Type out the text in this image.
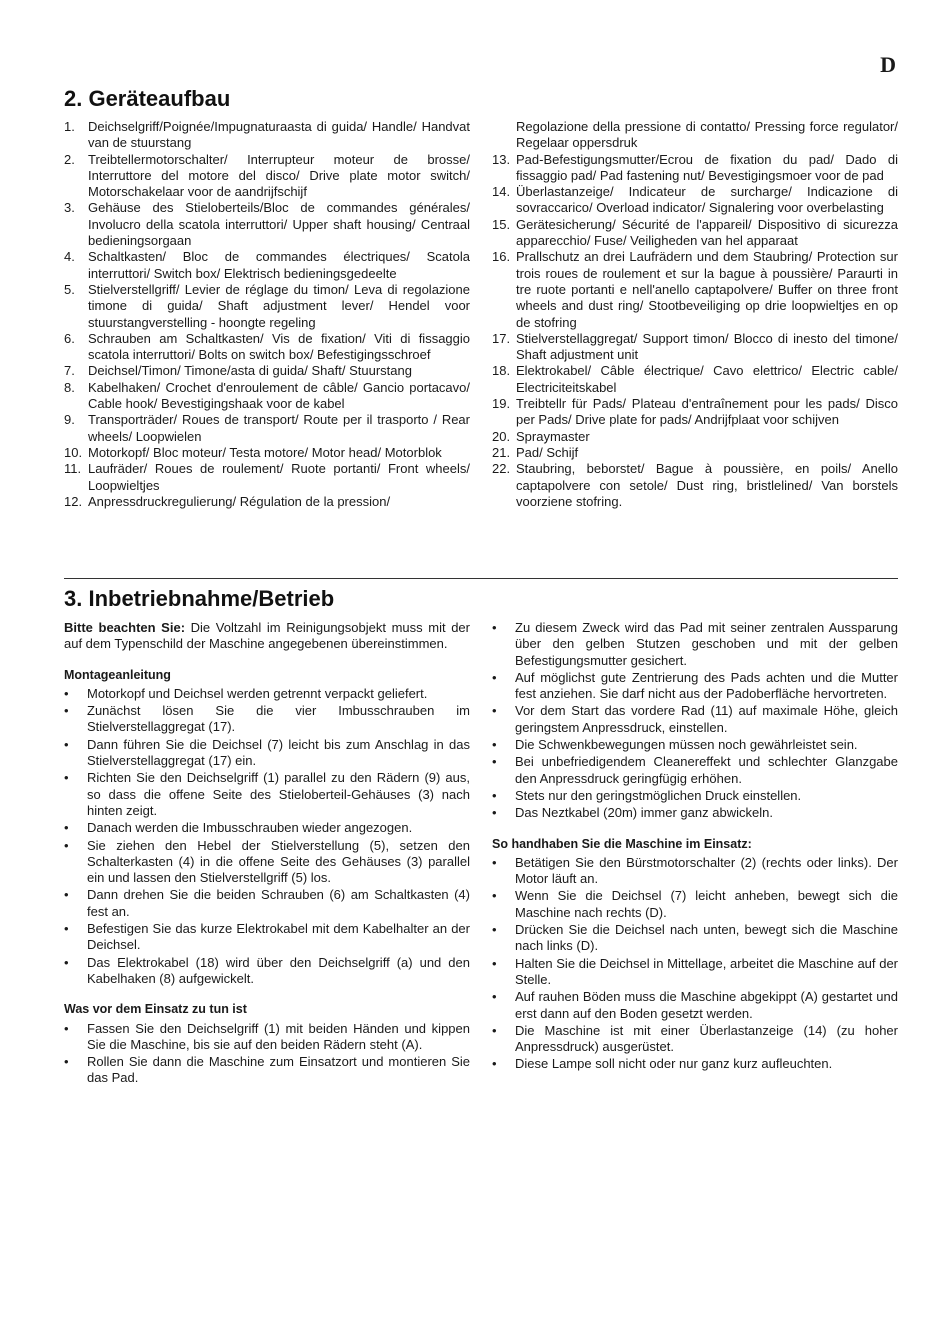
D
2. Geräteaufbau
1. Deichselgriff/Poignée/Impugnaturaasta di guida/ Handle/ Handvat van de stuurstang
2. Treibtellermotorschalter/ Interrupteur moteur de brosse/ Interruttore del motore del disco/ Drive plate motor switch/ Motorschakelaar voor de aandrijfschijf
3. Gehäuse des Stieloberteils/Bloc de commandes générales/ Involucro della scatola interruttori/ Upper shaft housing/ Centraal bedieningsorgaan
4. Schaltkasten/ Bloc de commandes électriques/ Scatola interruttori/ Switch box/ Elektrisch bedieningsgedeelte
5. Stielverstellgriff/ Levier de réglage du timon/ Leva di regolazione timone di guida/ Shaft adjustment lever/ Hendel voor stuurstangverstelling - hoongte regeling
6. Schrauben am Schaltkasten/ Vis de fixation/ Viti di fissaggio scatola interruttori/ Bolts on switch box/ Befestigingsschroef
7. Deichsel/Timon/ Timone/asta di guida/ Shaft/ Stuurstang
8. Kabelhaken/ Crochet d'enroulement de câble/ Gancio portacavo/ Cable hook/ Bevestigingshaak voor de kabel
9. Transporträder/ Roues de transport/ Route per il trasporto / Rear wheels/ Loopwielen
10. Motorkopf/ Bloc moteur/ Testa motore/ Motor head/ Motorblok
11. Laufräder/ Roues de roulement/ Ruote portanti/ Front wheels/ Loopwieltjes
12. Anpressdruckregulierung/ Régulation de la pression/
Regolazione della pressione di contatto/ Pressing force regulator/ Regelaar oppersdruk
13. Pad-Befestigungsmutter/Ecrou de fixation du pad/ Dado di fissaggio pad/ Pad fastening nut/ Bevestigingsmoer voor de pad
14. Überlastanzeige/ Indicateur de surcharge/ Indicazione di sovraccarico/ Overload indicator/ Signalering voor overbelasting
15. Gerätesicherung/ Sécurité de l'appareil/ Dispositivo di sicurezza apparecchio/ Fuse/ Veiligheden van hel apparaat
16. Prallschutz an drei Laufrädern und dem Staubring/ Protection sur trois roues de roulement et sur la bague à poussière/ Paraurti in tre ruote portanti e nell'anello captapolvere/ Buffer on three front wheels and dust ring/ Stootbeveiliging op drie loopwieltjes en op de stofring
17. Stielverstellaggregat/ Support timon/ Blocco di inesto del timone/ Shaft adjustment unit
18. Elektrokabel/ Câble électrique/ Cavo elettrico/ Electric cable/ Electriciteitskabel
19. Treibtellr für Pads/ Plateau d'entraînement pour les pads/ Disco per Pads/ Drive plate for pads/ Andrijfplaat voor schijven
20. Spraymaster
21. Pad/ Schijf
22. Staubring, beborstet/ Bague à poussière, en poils/ Anello captapolvere con setole/ Dust ring, bristlelined/ Van borstels voorziene stofring.
3. Inbetriebnahme/Betrieb

Bitte beachten Sie: Die Voltzahl im Reinigungsobjekt muss mit der auf dem Typenschild der Maschine angegebenen übereinstimmen.

Montageanleitung
• Motorkopf und Deichsel werden getrennt verpackt geliefert.
• Zunächst lösen Sie die vier Imbusschrauben im Stielverstellaggregat (17).
• Dann führen Sie die Deichsel (7) leicht bis zum Anschlag in das Stielverstellaggregat (17) ein.
• Richten Sie den Deichselgriff (1) parallel zu den Rädern (9) aus, so dass die offene Seite des Stieloberteil-Gehäuses (3) nach hinten zeigt.
• Danach werden die Imbusschrauben wieder angezogen.
• Sie ziehen den Hebel der Stielverstellung (5), setzen den Schalterkasten (4) in die offene Seite des Gehäuses (3) parallel ein und lassen den Stielverstellgriff (5) los.
• Dann drehen Sie die beiden Schrauben (6) am Schaltkasten (4) fest an.
• Befestigen Sie das kurze Elektrokabel mit dem Kabelhalter an der Deichsel.
• Das Elektrokabel (18) wird über den Deichselgriff (a) und den Kabelhaken (8) aufgewickelt.
Was vor dem Einsatz zu tun ist
• Fassen Sie den Deichselgriff (1) mit beiden Händen und kippen Sie die Maschine, bis sie auf den beiden Rädern steht (A).
• Rollen Sie dann die Maschine zum Einsatzort und montieren Sie das Pad.
• Zu diesem Zweck wird das Pad mit seiner zentralen Aussparung über den gelben Stutzen geschoben und mit der gelben Befestigungsmutter gesichert.
• Auf möglichst gute Zentrierung des Pads achten und die Mutter fest anziehen. Sie darf nicht aus der Padoberfläche hervortreten.
• Vor dem Start das vordere Rad (11) auf maximale Höhe, gleich geringstem Anpressdruck, einstellen.
• Die Schwenkbewegungen müssen noch gewährleistet sein.
• Bei unbefriedigendem Cleanereffekt und schlechter Glanzgabe den Anpressdruck geringfügig erhöhen.
• Stets nur den geringstmöglichen Druck einstellen.
• Das Neztkabel (20m) immer ganz abwickeln.
So handhaben Sie die Maschine im Einsatz:
• Betätigen Sie den Bürstmotorschalter (2) (rechts oder links). Der Motor läuft an.
• Wenn Sie die Deichsel (7) leicht anheben, bewegt sich die Maschine nach rechts (D).
• Drücken Sie die Deichsel nach unten, bewegt sich die Maschine nach links (D).
• Halten Sie die Deichsel in Mittellage, arbeitet die Maschine auf der Stelle.
• Auf rauhen Böden muss die Maschine abgekippt (A) gestartet und erst dann auf den Boden gesetzt werden.
• Die Maschine ist mit einer Überlastanzeige (14) (zu hoher Anpressdruck) ausgerüstet.
• Diese Lampe soll nicht oder nur ganz kurz aufleuchten.
